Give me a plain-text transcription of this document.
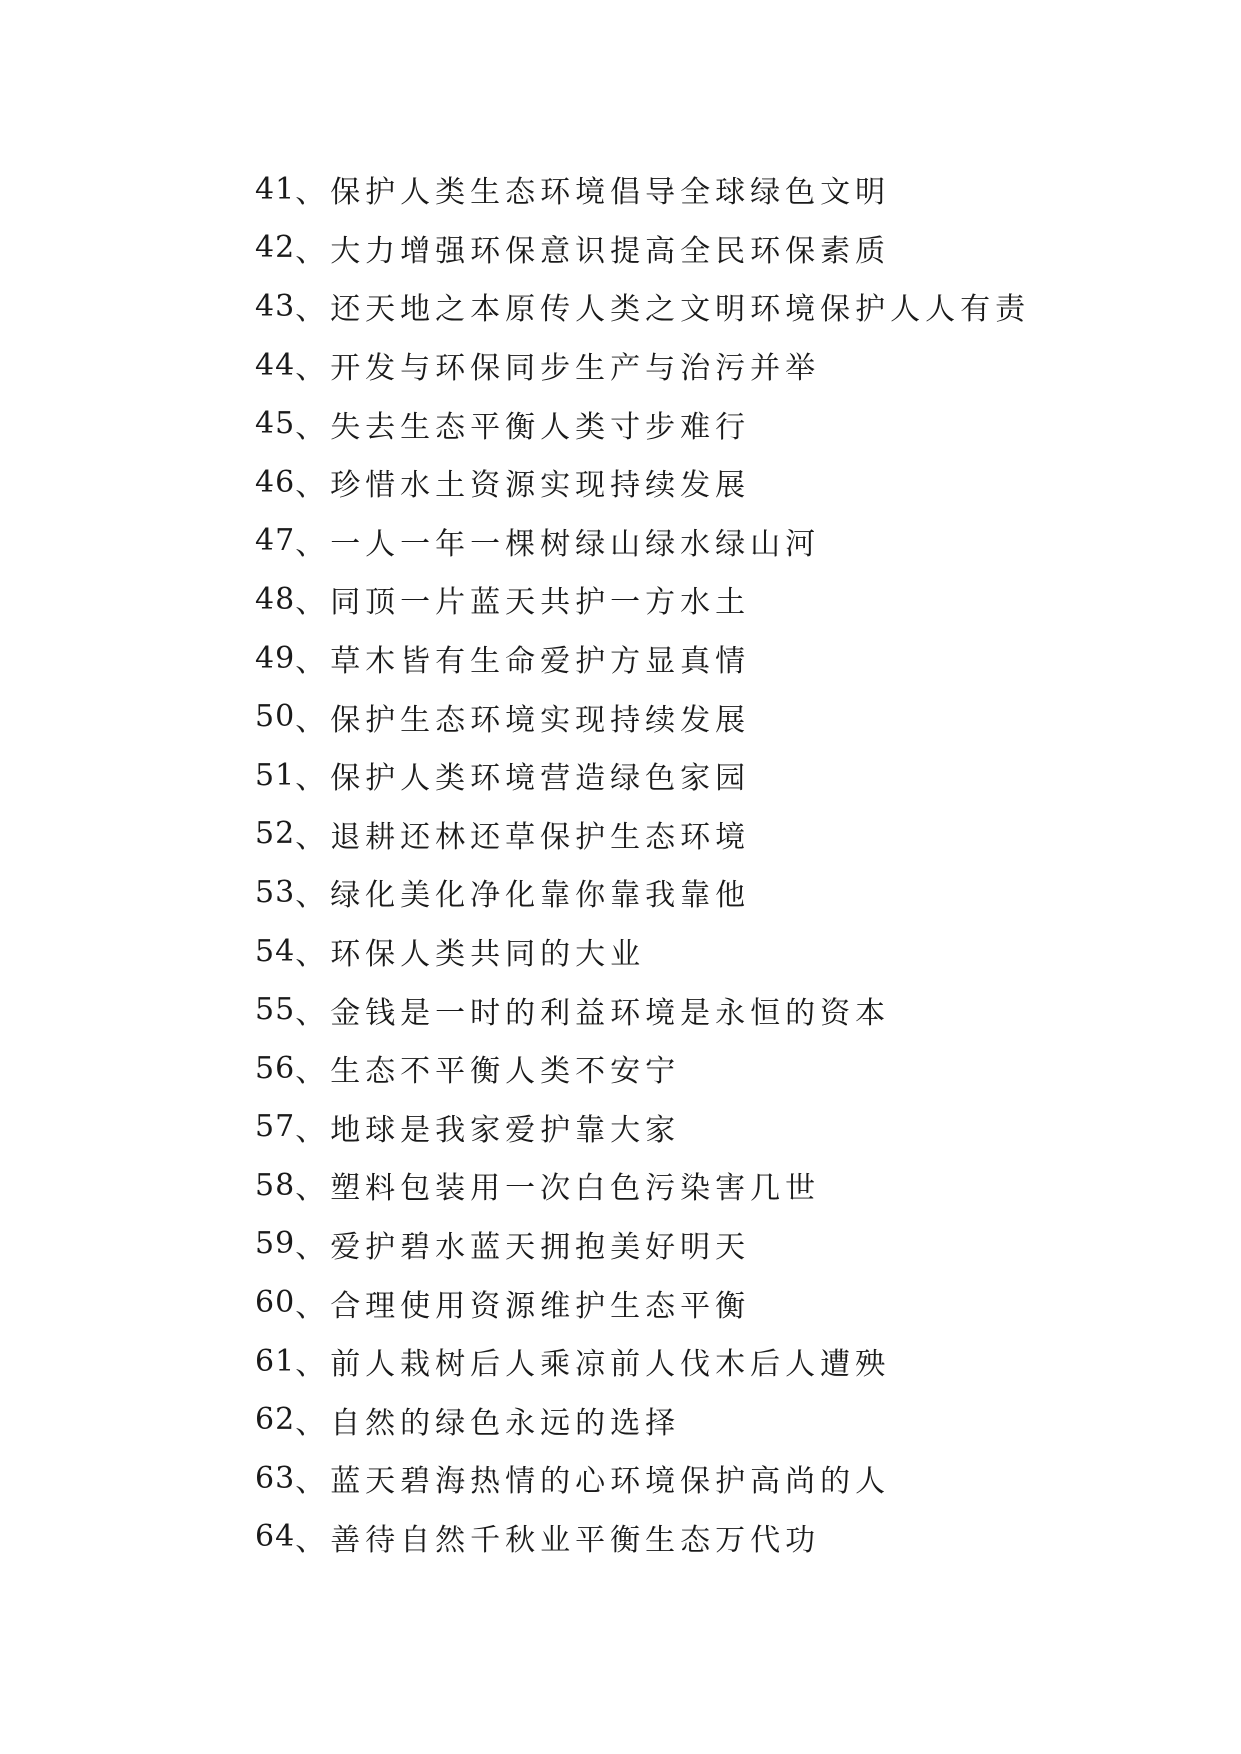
41 、 保护人类生态环境倡导全球绿色文明
42 、 大力增强环保意识提高全民环保素质
43 、 还天地之本原传人类之文明环境保护人人有责
44 、 开发与环保同步生产与治污并举
45 、 失去生态平衡人类寸步难行
46 、 珍惜水土资源实现持续发展
47 、 一人一年一棵树绿山绿水绿山河
48 、 同顶一片蓝天共护一方水土
49 、 草木皆有生命爱护方显真情
50 、 保护生态环境实现持续发展
51 、 保护人类环境营造绿色家园
52 、 退耕还林还草保护生态环境
53 、 绿化美化净化靠你靠我靠他
54 、 环保人类共同的大业
55 、 金钱是一时的利益环境是永恒的资本
56 、 生态不平衡人类不安宁
57 、 地球是我家爱护靠大家
58 、 塑料包装用一次白色污染害几世
59 、 爱护碧水蓝天拥抱美好明天
60 、 合理使用资源维护生态平衡
61 、 前人栽树后人乘凉前人伐木后人遭殃
62 、 自然的绿色永远的选择
63 、 蓝天碧海热情的心环境保护高尚的人
64 、 善待自然千秋业平衡生态万代功
